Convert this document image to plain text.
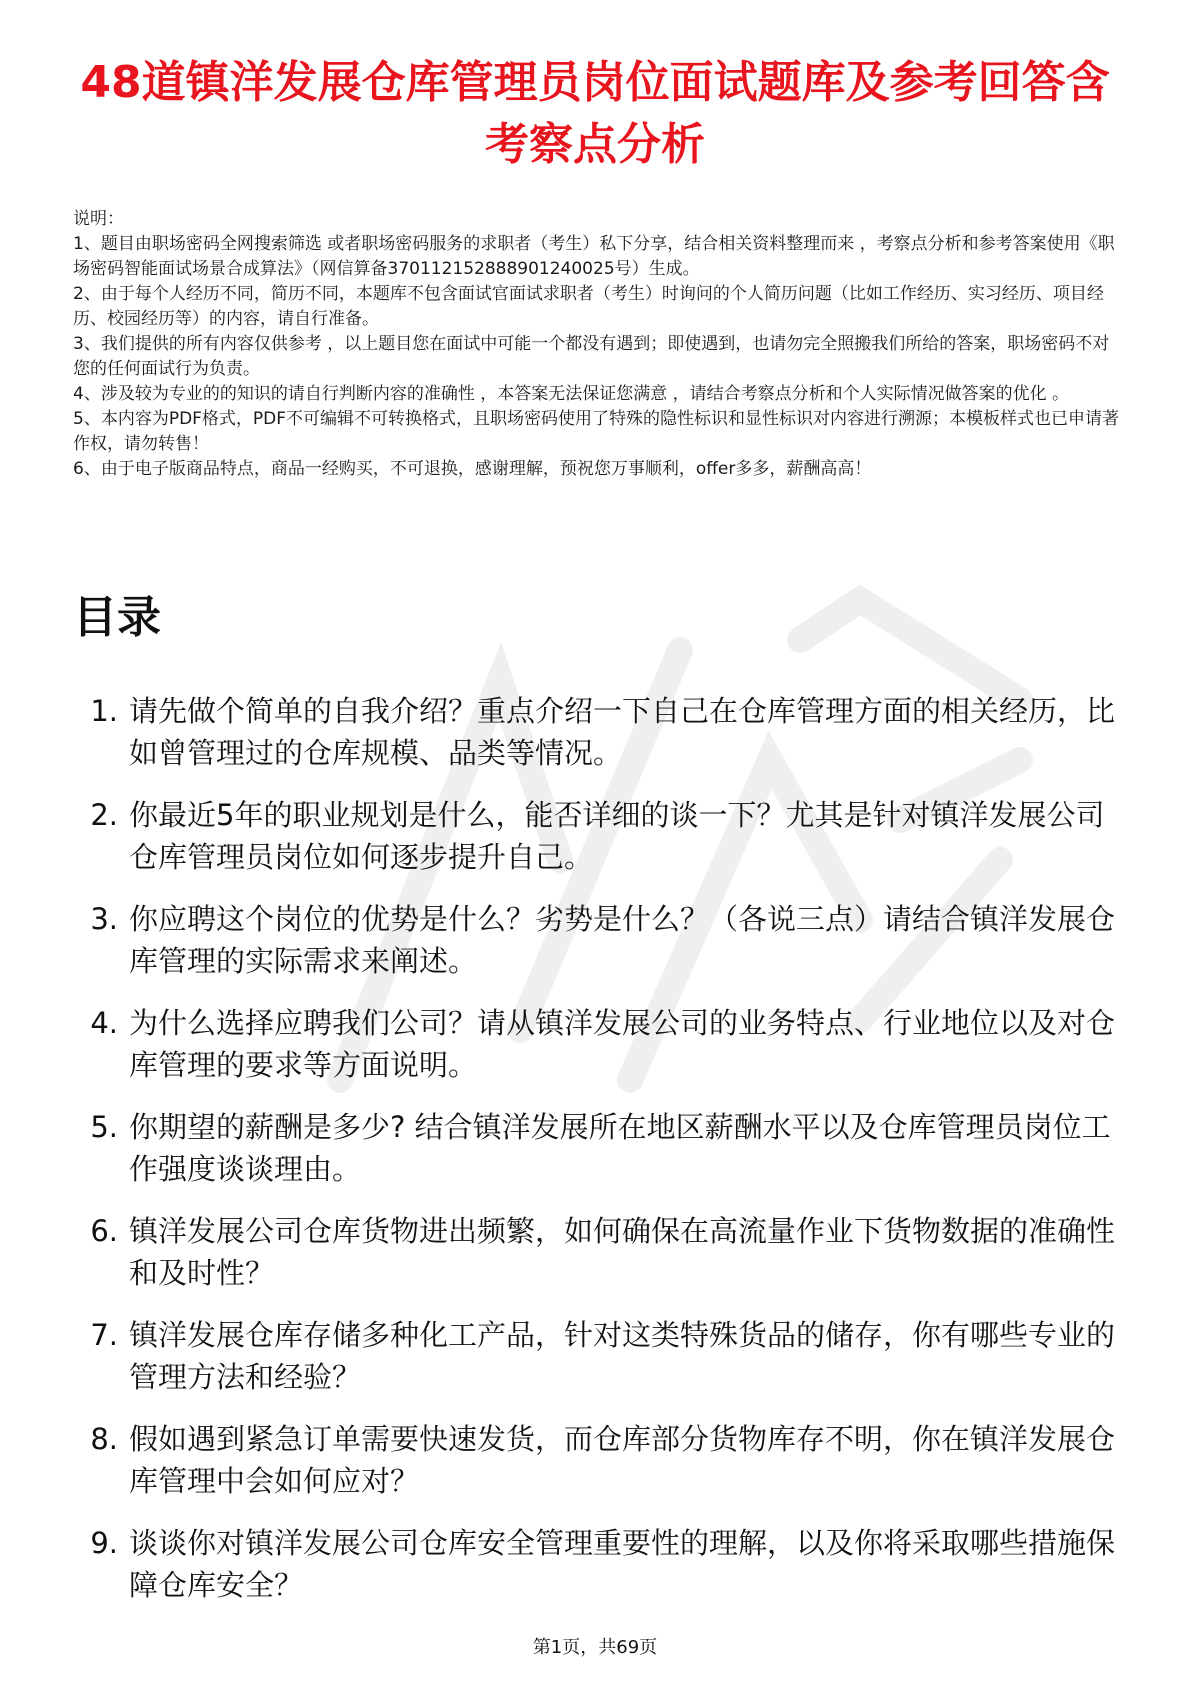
48道镇洋发展仓库管理员岗位面试题库及参考回答含考察点分析

说明：

1、题目由职场密码全网搜索筛选 或者职场密码服务的求职者（考生）私下分享，结合相关资料整理而来 ，考察点分析和参考答案使用《职场密码智能面试场景合成算法》（网信算备370112152888901240025号）生成。

2、由于每个人经历不同，简历不同，本题库不包含面试官面试求职者（考生）时询问的个人简历问题（比如工作经历、实习经历、项目经历、校园经历等）的内容，请自行准备。

3、我们提供的所有内容仅供参考 ，以上题目您在面试中可能一个都没有遇到；即使遇到，也请勿完全照搬我们所给的答案，职场密码不对您的任何面试行为负责。

4、涉及较为专业的的知识的请自行判断内容的准确性 ，本答案无法保证您满意 ，请结合考察点分析和个人实际情况做答案的优化 。

5、本内容为PDF格式，PDF不可编辑不可转换格式，且职场密码使用了特殊的隐性标识和显性标识对内容进行溯源；本模板样式也已申请著作权，请勿转售！

6、由于电子版商品特点，商品一经购买，不可退换，感谢理解，预祝您万事顺利，offer多多，薪酬高高！

目录
1. 请先做个简单的自我介绍？重点介绍一下自己在仓库管理方面的相关经历，比如曾管理过的仓库规模、品类等情况。
2. 你最近5年的职业规划是什么，能否详细的谈一下？尤其是针对镇洋发展公司仓库管理员岗位如何逐步提升自己。
3. 你应聘这个岗位的优势是什么？劣势是什么？（各说三点）请结合镇洋发展仓库管理的实际需求来阐述。
4. 为什么选择应聘我们公司？请从镇洋发展公司的业务特点、行业地位以及对仓库管理的要求等方面说明。
5. 你期望的薪酬是多少? 结合镇洋发展所在地区薪酬水平以及仓库管理员岗位工作强度谈谈理由。
6. 镇洋发展公司仓库货物进出频繁，如何确保在高流量作业下货物数据的准确性和及时性？
7. 镇洋发展仓库存储多种化工产品，针对这类特殊货品的储存，你有哪些专业的管理方法和经验？
8. 假如遇到紧急订单需要快速发货，而仓库部分货物库存不明，你在镇洋发展仓库管理中会如何应对？
9. 谈谈你对镇洋发展公司仓库安全管理重要性的理解，以及你将采取哪些措施保障仓库安全？
第1页，共69页
